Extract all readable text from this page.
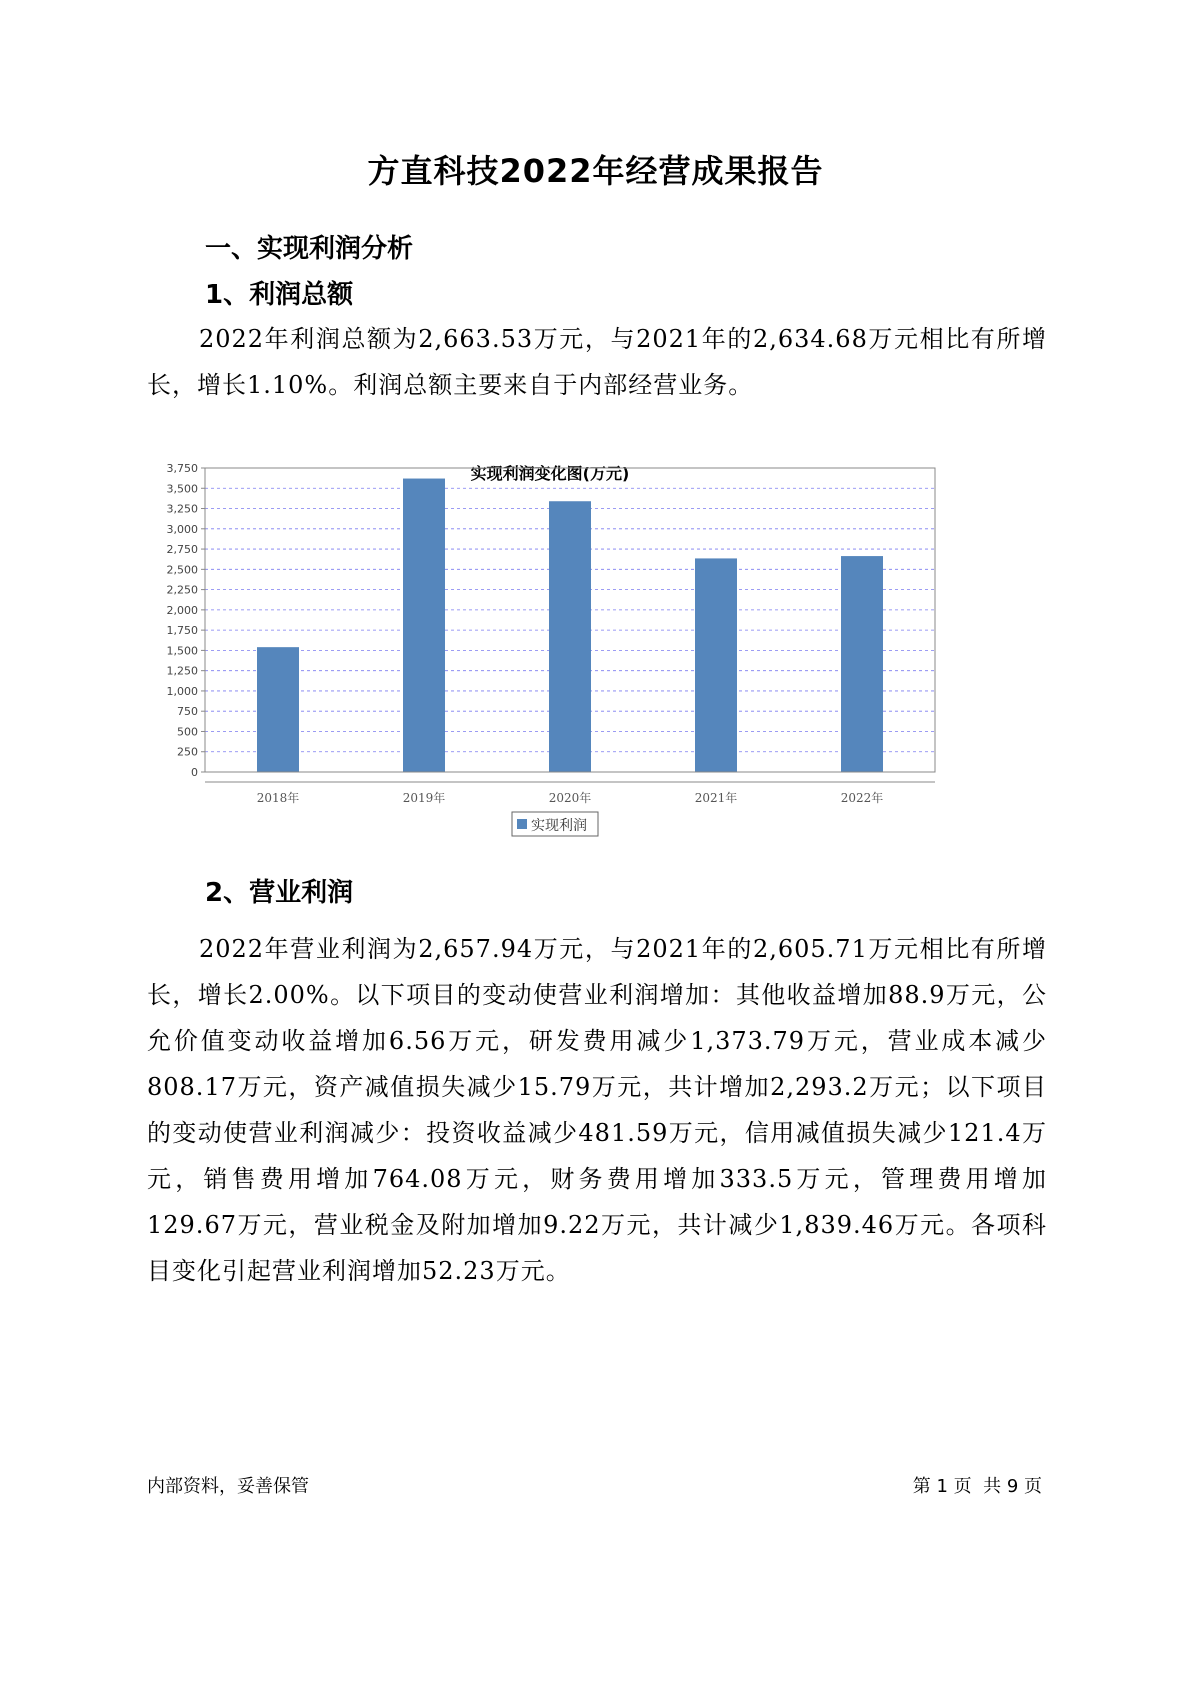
方直科技2022年经营成果报告
一、实现利润分析
1、利润总额
2022年利润总额为2,663.53万元，与2021年的2,634.68万元相比有所增长，增长1.10%。利润总额主要来自于内部经营业务。
实现利润变化图(万元)
0
250
500
750
1,000
1,250
1,500
1,750
2,000
2,250
2,500
2,750
3,000
3,250
3,500
3,750
2018年	2019年	2020年	2021年	2022年
实现利润
2、营业利润
2022年营业利润为2,657.94万元，与2021年的2,605.71万元相比有所增长，增长2.00%。以下项目的变动使营业利润增加：其他收益增加88.9万元，公允价值变动收益增加6.56万元，研发费用减少1,373.79万元，营业成本减少808.17万元，资产减值损失减少15.79万元，共计增加2,293.2万元；以下项目的变动使营业利润减少：投资收益减少481.59万元，信用减值损失减少121.4万元，销售费用增加764.08万元，财务费用增加333.5万元，管理费用增加129.67万元，营业税金及附加增加9.22万元，共计减少1,839.46万元。各项科目变化引起营业利润增加52.23万元。
内部资料，妥善保管	第 1 页  共 9 页
